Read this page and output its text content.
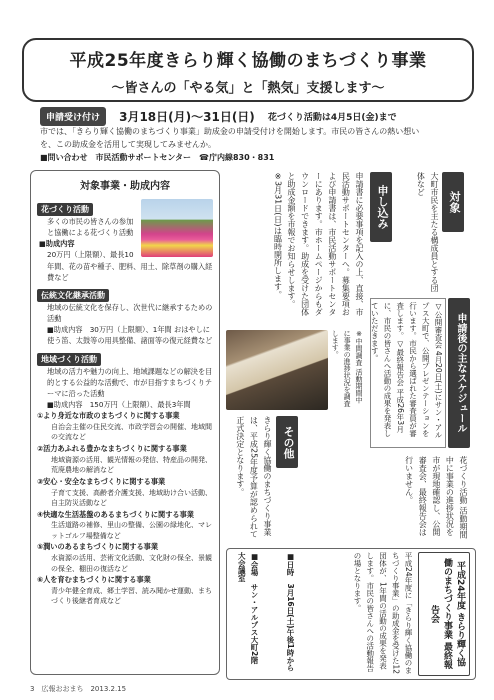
平成25年度きらり輝く協働のまちづくり事業
〜皆さんの「やる気」と「熱気」支援します〜
申請受け付け 3月18日(月)〜31日(日) 花づくり活動は4月5日(金)まで

市では、「きらり輝く協働のまちづくり事業」助成金の申請受付けを開始します。市民の皆さんの熱い想い

を、この助成金を活用して実現してみませんか。

■問い合わせ　市民活動サポートセンター　☎庁内線830・831

対象事業・助成内容
花づくり活動
多くの市民の皆さんの参加と協働による花づくり活動
■助成内容
20万円（上限額）、最長10年間、花の苗や種子、肥料、用土、除草剤の購入経費など
伝統文化継承活動
地域の伝統文化を保存し、次世代に継承するための活動
■助成内容　30万円（上限額）、1年間 おはやしに使う笛、太鼓等の用具整備、諸面等の復元経費など
地域づくり活動
地域の活力や魅力の向上、地域課題などの解決を目的とする公益的な活動で、市が目指すまちづくりテーマに沿った活動
■助成内容　150万円（上限額）、最長3年間
①より身近な市政のまちづくりに関する事業
自治会主催の住民交流、市政学習会の開催、地域間の交流など
②活力あふれる豊かなまちづくりに関する事業
地域資源の活用、観光情報の発信、特産品の開発、荒廃農地の解消など
③安心・安全なまちづくりに関する事業
子育て支援、高齢者介護支援、地域助け合い活動、自主防災活動など
④快適な生活基盤のあるまちづくりに関する事業
生活道路の補修、里山の整備、公園の緑地化、マレットゴルフ場整備など
⑤潤いのあるまちづくりに関する事業
水資源の活用、芸術文化活動、文化財の保全、景観の保全、棚田の復活など
⑥人を育むまちづくりに関する事業
青少年健全育成、郷土学習、読み聞かせ運動、まちづくり後継者育成など
対象
大町市民を主たる構成員とする団体など
申し込み
申請書に必要事項を記入の上、直接、市民活動サポートセンターへ。募集要項および申請書は、市民活動サポートセンターにあります。市ホームページからもダウンロードできます。助成を受けた団体と助成金額を市報でお知らせします。※3月31日(日)は臨時開所します。
※中間調査 活動期間中に事業の進捗状況を調査します。	申請後の主なスケジュール
▽公開審査会 4月20日(土)にサン・アルプス大町で、公開プレゼンテーションを行います。市民から選ばれた審査員が審査します。▽最終報告会 平成26年3月に、市民の皆さんへ活動の成果を発表していただきます。
その他
きらり輝く協働のまちづくり事業は、平成25年度予算が認められて正式決定となります。	花づくり活動 活動期間中に事業の進捗状況を市が現地確認し、公開審査会、最終報告会は行いません。
平成24年度 きらり輝く協働のまちづくり事業 最終報告会
平成24年度に「きらり輝く協働のまちづくり事業」の助成金を受けた12団体が、1年間の活動の成果を発表します。市民の皆さんへの活動報告の場となります。
■日時　3月16日(土)午後1時から
■会場　サン・アルプス大町2階　大会議室
3　広報おおまち　2013.2.15
